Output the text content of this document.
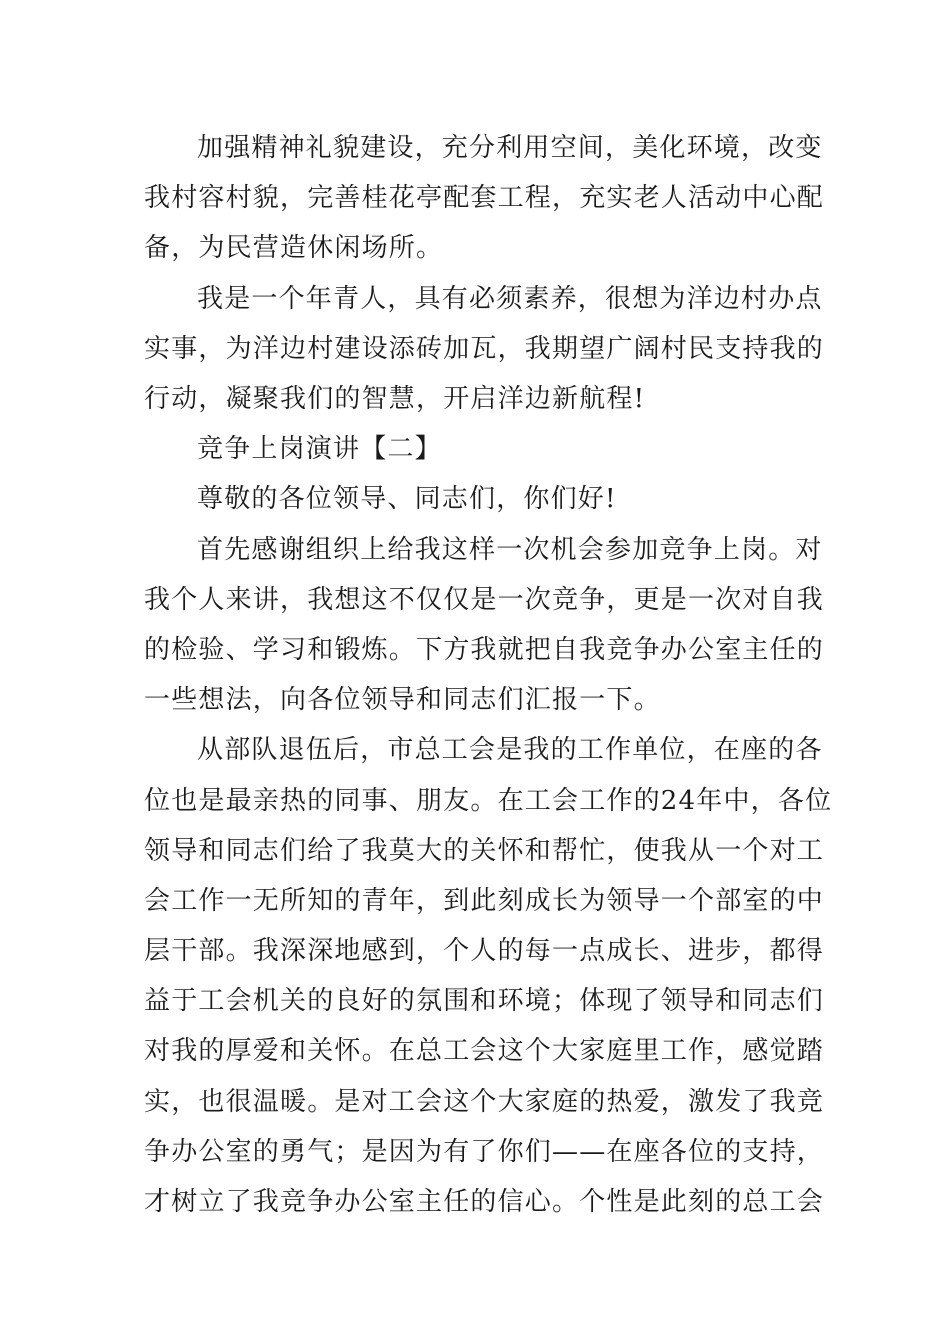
加强精神礼貌建设，充分利用空间，美化环境，改变
我村容村貌，完善桂花亭配套工程，充实老人活动中心配
备，为民营造休闲场所。
我是一个年青人，具有必须素养，很想为洋边村办点
实事，为洋边村建设添砖加瓦，我期望广阔村民支持我的
行动，凝聚我们的智慧，开启洋边新航程!
竞争上岗演讲【二】
尊敬的各位领导、同志们，你们好!
首先感谢组织上给我这样一次机会参加竞争上岗。对
我个人来讲，我想这不仅仅是一次竞争，更是一次对自我
的检验、学习和锻炼。下方我就把自我竞争办公室主任的
一些想法，向各位领导和同志们汇报一下。
从部队退伍后，市总工会是我的工作单位，在座的各
位也是最亲热的同事、朋友。在工会工作的24年中，各位
领导和同志们给了我莫大的关怀和帮忙，使我从一个对工
会工作一无所知的青年，到此刻成长为领导一个部室的中
层干部。我深深地感到，个人的每一点成长、进步，都得
益于工会机关的良好的氛围和环境；体现了领导和同志们
对我的厚爱和关怀。在总工会这个大家庭里工作，感觉踏
实，也很温暖。是对工会这个大家庭的热爱，激发了我竞
争办公室的勇气；是因为有了你们——在座各位的支持，
才树立了我竞争办公室主任的信心。个性是此刻的总工会
